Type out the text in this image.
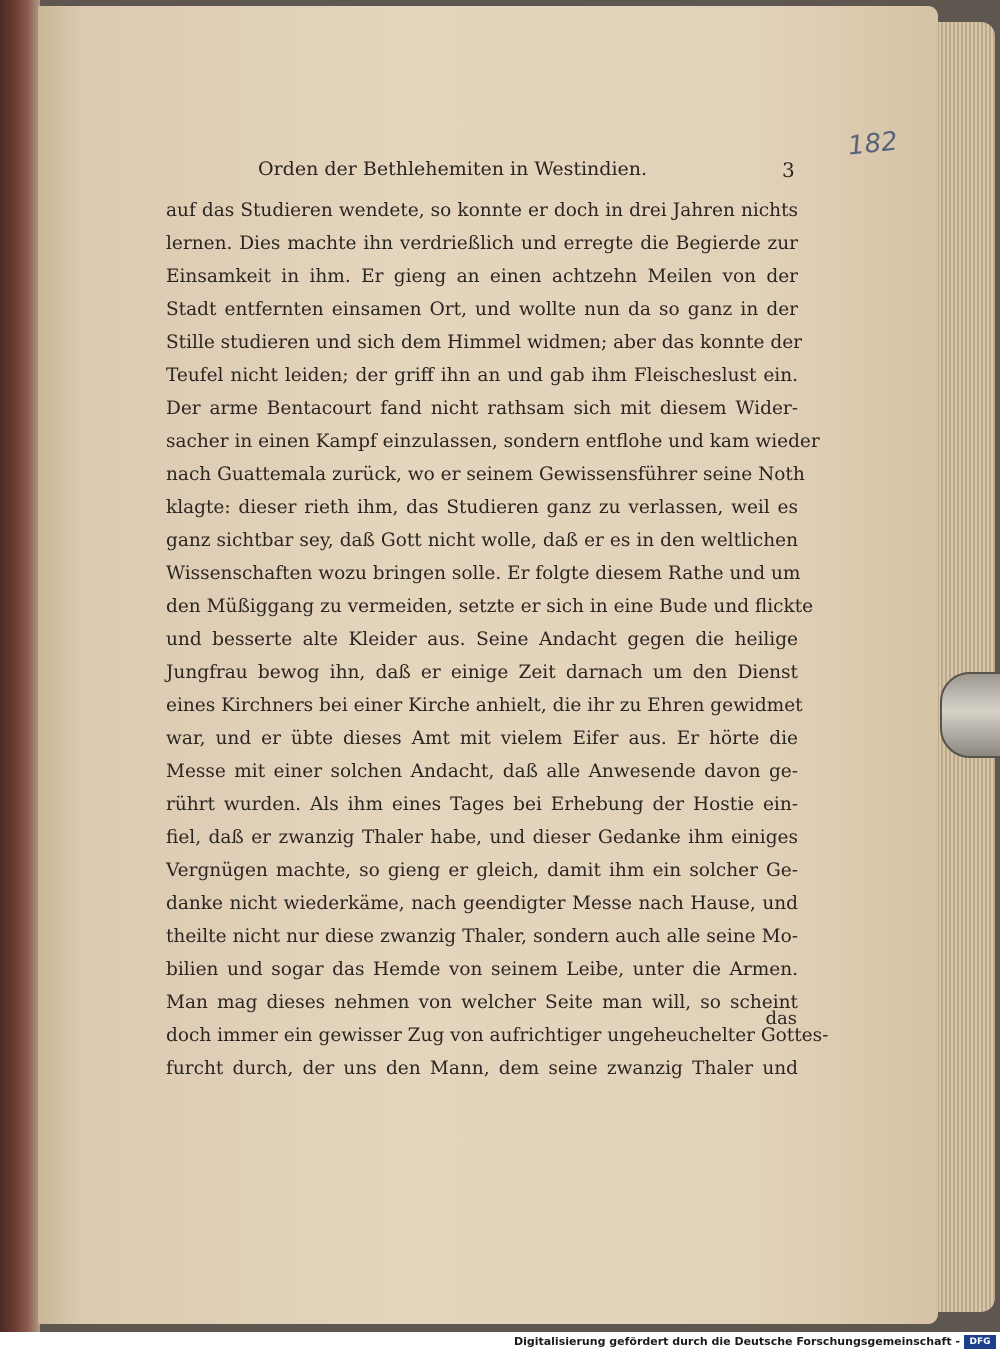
182
Orden der Bethlehemiten in Westindien.	3
auf das Studieren wendete, so konnte er doch in drei Jahren nichts
lernen. Dies machte ihn verdrießlich und erregte die Begierde zur
Einsamkeit in ihm. Er gieng an einen achtzehn Meilen von der
Stadt entfernten einsamen Ort, und wollte nun da so ganz in der
Stille studieren und sich dem Himmel widmen; aber das konnte der
Teufel nicht leiden; der griff ihn an und gab ihm Fleischeslust ein.
Der arme Bentacourt fand nicht rathsam sich mit diesem Wider-
sacher in einen Kampf einzulassen, sondern entflohe und kam wieder
nach Guattemala zurück, wo er seinem Gewissensführer seine Noth
klagte: dieser rieth ihm, das Studieren ganz zu verlassen, weil es
ganz sichtbar sey, daß Gott nicht wolle, daß er es in den weltlichen
Wissenschaften wozu bringen solle. Er folgte diesem Rathe und um
den Müßiggang zu vermeiden, setzte er sich in eine Bude und flickte
und besserte alte Kleider aus. Seine Andacht gegen die heilige
Jungfrau bewog ihn, daß er einige Zeit darnach um den Dienst
eines Kirchners bei einer Kirche anhielt, die ihr zu Ehren gewidmet
war, und er übte dieses Amt mit vielem Eifer aus. Er hörte die
Messe mit einer solchen Andacht, daß alle Anwesende davon ge-
rührt wurden. Als ihm eines Tages bei Erhebung der Hostie ein-
fiel, daß er zwanzig Thaler habe, und dieser Gedanke ihm einiges
Vergnügen machte, so gieng er gleich, damit ihm ein solcher Ge-
danke nicht wiederkäme, nach geendigter Messe nach Hause, und
theilte nicht nur diese zwanzig Thaler, sondern auch alle seine Mo-
bilien und sogar das Hemde von seinem Leibe, unter die Armen.
Man mag dieses nehmen von welcher Seite man will, so scheint
doch immer ein gewisser Zug von aufrichtiger ungeheuchelter Gottes-
furcht durch, der uns den Mann, dem seine zwanzig Thaler und
das
Digitalisierung gefördert durch die Deutsche Forschungsgemeinschaft -	DFG
